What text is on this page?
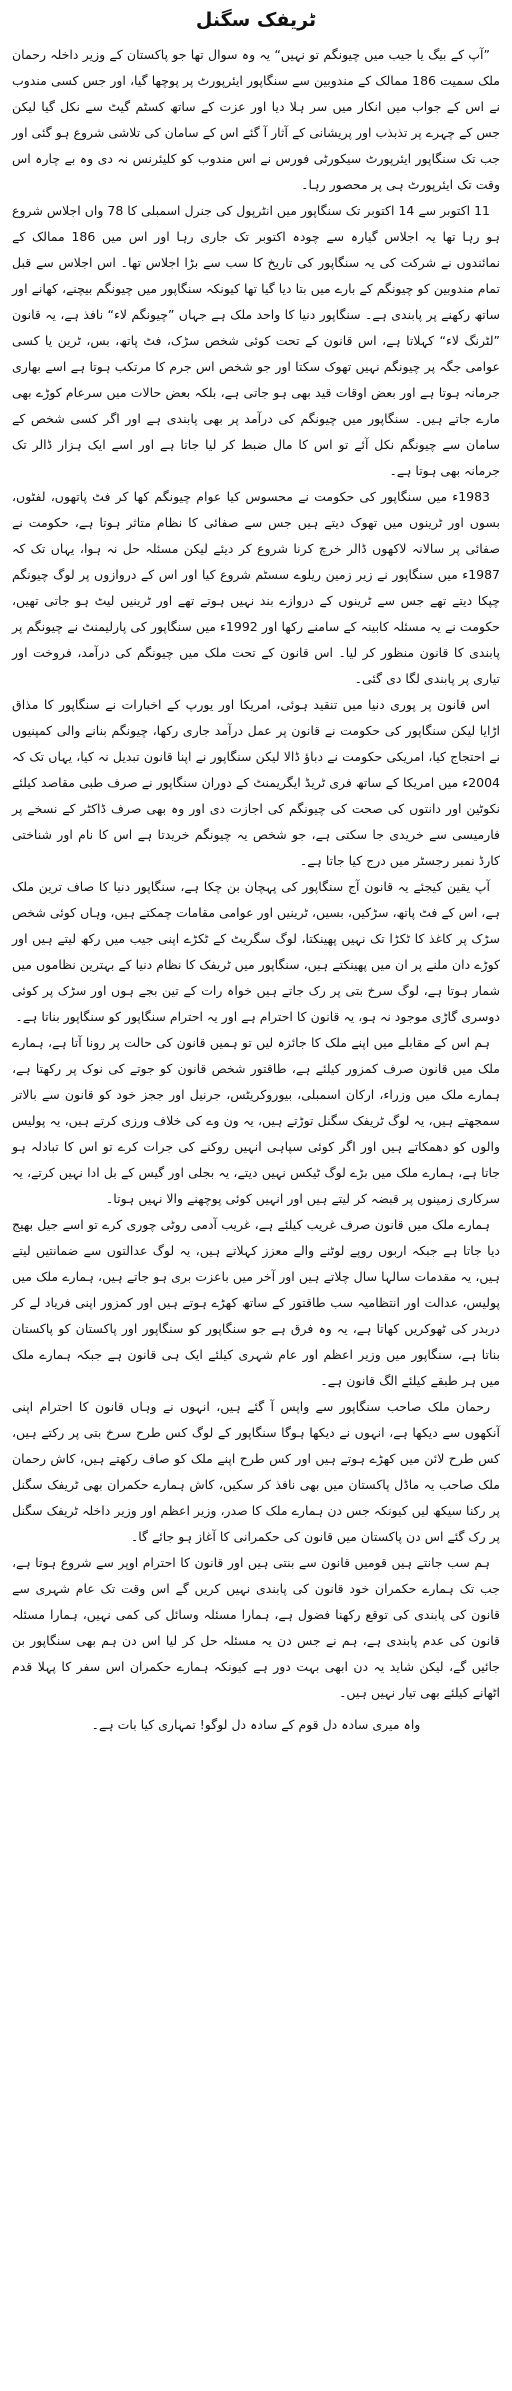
ٹریفک سگنل

”آپ کے بیگ یا جیب میں چیونگم تو نہیں“ یہ وہ سوال تھا جو پاکستان کے وزیر داخلہ رحمان ملک سمیت 186 ممالک کے مندوبین سے سنگاپور ایئرپورٹ پر پوچھا گیا، اور جس کسی مندوب نے اس کے جواب میں انکار میں سر ہلا دیا اور عزت کے ساتھ کسٹم گیٹ سے نکل گیا لیکن جس کے چہرے پر تذبذب اور پریشانی کے آثار آ گئے اس کے سامان کی تلاشی شروع ہو گئی اور جب تک سنگاپور ایئرپورٹ سیکورٹی فورس نے اس مندوب کو کلیئرنس نہ دی وہ بے چارہ اس وقت تک ایئرپورٹ ہی پر محصور رہا۔

11 اکتوبر سے 14 اکتوبر تک سنگاپور میں انٹرپول کی جنرل اسمبلی کا 78 واں اجلاس شروع ہو رہا تھا یہ اجلاس گیارہ سے چودہ اکتوبر تک جاری رہا اور اس میں 186 ممالک کے نمائندوں نے شرکت کی یہ سنگاپور کی تاریخ کا سب سے بڑا اجلاس تھا۔ اس اجلاس سے قبل تمام مندوبین کو چیونگم کے بارے میں بتا دیا گیا تھا کیونکہ سنگاپور میں چیونگم بیچنے، کھانے اور ساتھ رکھنے پر پابندی ہے۔ سنگاپور دنیا کا واحد ملک ہے جہاں ”چیونگم لاء“ نافذ ہے، یہ قانون ”لٹرنگ لاء“ کہلاتا ہے، اس قانون کے تحت کوئی شخص سڑک، فٹ پاتھ، بس، ٹرین یا کسی عوامی جگہ پر چیونگم نہیں تھوک سکتا اور جو شخص اس جرم کا مرتکب ہوتا ہے اسے بھاری جرمانہ ہوتا ہے اور بعض اوقات قید بھی ہو جاتی ہے، بلکہ بعض حالات میں سرعام کوڑے بھی مارے جاتے ہیں۔ سنگاپور میں چیونگم کی درآمد پر بھی پابندی ہے اور اگر کسی شخص کے سامان سے چیونگم نکل آئے تو اس کا مال ضبط کر لیا جاتا ہے اور اسے ایک ہزار ڈالر تک جرمانہ بھی ہوتا ہے۔

1983ء میں سنگاپور کی حکومت نے محسوس کیا عوام چیونگم کھا کر فٹ پاتھوں، لفٹوں، بسوں اور ٹرینوں میں تھوک دیتے ہیں جس سے صفائی کا نظام متاثر ہوتا ہے، حکومت نے صفائی پر سالانہ لاکھوں ڈالر خرچ کرنا شروع کر دیئے لیکن مسئلہ حل نہ ہوا، یہاں تک کہ 1987ء میں سنگاپور نے زیر زمین ریلوے سسٹم شروع کیا اور اس کے دروازوں پر لوگ چیونگم چپکا دیتے تھے جس سے ٹرینوں کے دروازے بند نہیں ہوتے تھے اور ٹرینیں لیٹ ہو جاتی تھیں، حکومت نے یہ مسئلہ کابینہ کے سامنے رکھا اور 1992ء میں سنگاپور کی پارلیمنٹ نے چیونگم پر پابندی کا قانون منظور کر لیا۔ اس قانون کے تحت ملک میں چیونگم کی درآمد، فروخت اور تیاری پر پابندی لگا دی گئی۔

اس قانون پر پوری دنیا میں تنقید ہوئی، امریکا اور یورپ کے اخبارات نے سنگاپور کا مذاق اڑایا لیکن سنگاپور کی حکومت نے قانون پر عمل درآمد جاری رکھا، چیونگم بنانے والی کمپنیوں نے احتجاج کیا، امریکی حکومت نے دباؤ ڈالا لیکن سنگاپور نے اپنا قانون تبدیل نہ کیا، یہاں تک کہ 2004ء میں امریکا کے ساتھ فری ٹریڈ ایگریمنٹ کے دوران سنگاپور نے صرف طبی مقاصد کیلئے نکوٹین اور دانتوں کی صحت کی چیونگم کی اجازت دی اور وہ بھی صرف ڈاکٹر کے نسخے پر فارمیسی سے خریدی جا سکتی ہے، جو شخص یہ چیونگم خریدتا ہے اس کا نام اور شناختی کارڈ نمبر رجسٹر میں درج کیا جاتا ہے۔

آپ یقین کیجئے یہ قانون آج سنگاپور کی پہچان بن چکا ہے، سنگاپور دنیا کا صاف ترین ملک ہے، اس کے فٹ پاتھ، سڑکیں، بسیں، ٹرینیں اور عوامی مقامات چمکتے ہیں، وہاں کوئی شخص سڑک پر کاغذ کا ٹکڑا تک نہیں پھینکتا، لوگ سگریٹ کے ٹکڑے اپنی جیب میں رکھ لیتے ہیں اور کوڑے دان ملنے پر ان میں پھینکتے ہیں، سنگاپور میں ٹریفک کا نظام دنیا کے بہترین نظاموں میں شمار ہوتا ہے، لوگ سرخ بتی پر رک جاتے ہیں خواہ رات کے تین بجے ہوں اور سڑک پر کوئی دوسری گاڑی موجود نہ ہو، یہ قانون کا احترام ہے اور یہ احترام سنگاپور کو سنگاپور بناتا ہے۔

ہم اس کے مقابلے میں اپنے ملک کا جائزہ لیں تو ہمیں قانون کی حالت پر رونا آتا ہے، ہمارے ملک میں قانون صرف کمزور کیلئے ہے، طاقتور شخص قانون کو جوتے کی نوک پر رکھتا ہے، ہمارے ملک میں وزراء، ارکان اسمبلی، بیوروکریٹس، جرنیل اور ججز خود کو قانون سے بالاتر سمجھتے ہیں، یہ لوگ ٹریفک سگنل توڑتے ہیں، یہ ون وے کی خلاف ورزی کرتے ہیں، یہ پولیس والوں کو دھمکاتے ہیں اور اگر کوئی سپاہی انہیں روکنے کی جرات کرے تو اس کا تبادلہ ہو جاتا ہے، ہمارے ملک میں بڑے لوگ ٹیکس نہیں دیتے، یہ بجلی اور گیس کے بل ادا نہیں کرتے، یہ سرکاری زمینوں پر قبضہ کر لیتے ہیں اور انہیں کوئی پوچھنے والا نہیں ہوتا۔

ہمارے ملک میں قانون صرف غریب کیلئے ہے، غریب آدمی روٹی چوری کرے تو اسے جیل بھیج دیا جاتا ہے جبکہ اربوں روپے لوٹنے والے معزز کہلاتے ہیں، یہ لوگ عدالتوں سے ضمانتیں لیتے ہیں، یہ مقدمات سالہا سال چلاتے ہیں اور آخر میں باعزت بری ہو جاتے ہیں، ہمارے ملک میں پولیس، عدالت اور انتظامیہ سب طاقتور کے ساتھ کھڑے ہوتے ہیں اور کمزور اپنی فریاد لے کر دربدر کی ٹھوکریں کھاتا ہے، یہ وہ فرق ہے جو سنگاپور کو سنگاپور اور پاکستان کو پاکستان بناتا ہے، سنگاپور میں وزیر اعظم اور عام شہری کیلئے ایک ہی قانون ہے جبکہ ہمارے ملک میں ہر طبقے کیلئے الگ قانون ہے۔

رحمان ملک صاحب سنگاپور سے واپس آ گئے ہیں، انہوں نے وہاں قانون کا احترام اپنی آنکھوں سے دیکھا ہے، انہوں نے دیکھا ہوگا سنگاپور کے لوگ کس طرح سرخ بتی پر رکتے ہیں، کس طرح لائن میں کھڑے ہوتے ہیں اور کس طرح اپنے ملک کو صاف رکھتے ہیں، کاش رحمان ملک صاحب یہ ماڈل پاکستان میں بھی نافذ کر سکیں، کاش ہمارے حکمران بھی ٹریفک سگنل پر رکنا سیکھ لیں کیونکہ جس دن ہمارے ملک کا صدر، وزیر اعظم اور وزیر داخلہ ٹریفک سگنل پر رک گئے اس دن پاکستان میں قانون کی حکمرانی کا آغاز ہو جائے گا۔

ہم سب جانتے ہیں قومیں قانون سے بنتی ہیں اور قانون کا احترام اوپر سے شروع ہوتا ہے، جب تک ہمارے حکمران خود قانون کی پابندی نہیں کریں گے اس وقت تک عام شہری سے قانون کی پابندی کی توقع رکھنا فضول ہے، ہمارا مسئلہ وسائل کی کمی نہیں، ہمارا مسئلہ قانون کی عدم پابندی ہے، ہم نے جس دن یہ مسئلہ حل کر لیا اس دن ہم بھی سنگاپور بن جائیں گے، لیکن شاید یہ دن ابھی بہت دور ہے کیونکہ ہمارے حکمران اس سفر کا پہلا قدم اٹھانے کیلئے بھی تیار نہیں ہیں۔

واہ میری سادہ دل قوم کے سادہ دل لوگو! تمہاری کیا بات ہے۔
